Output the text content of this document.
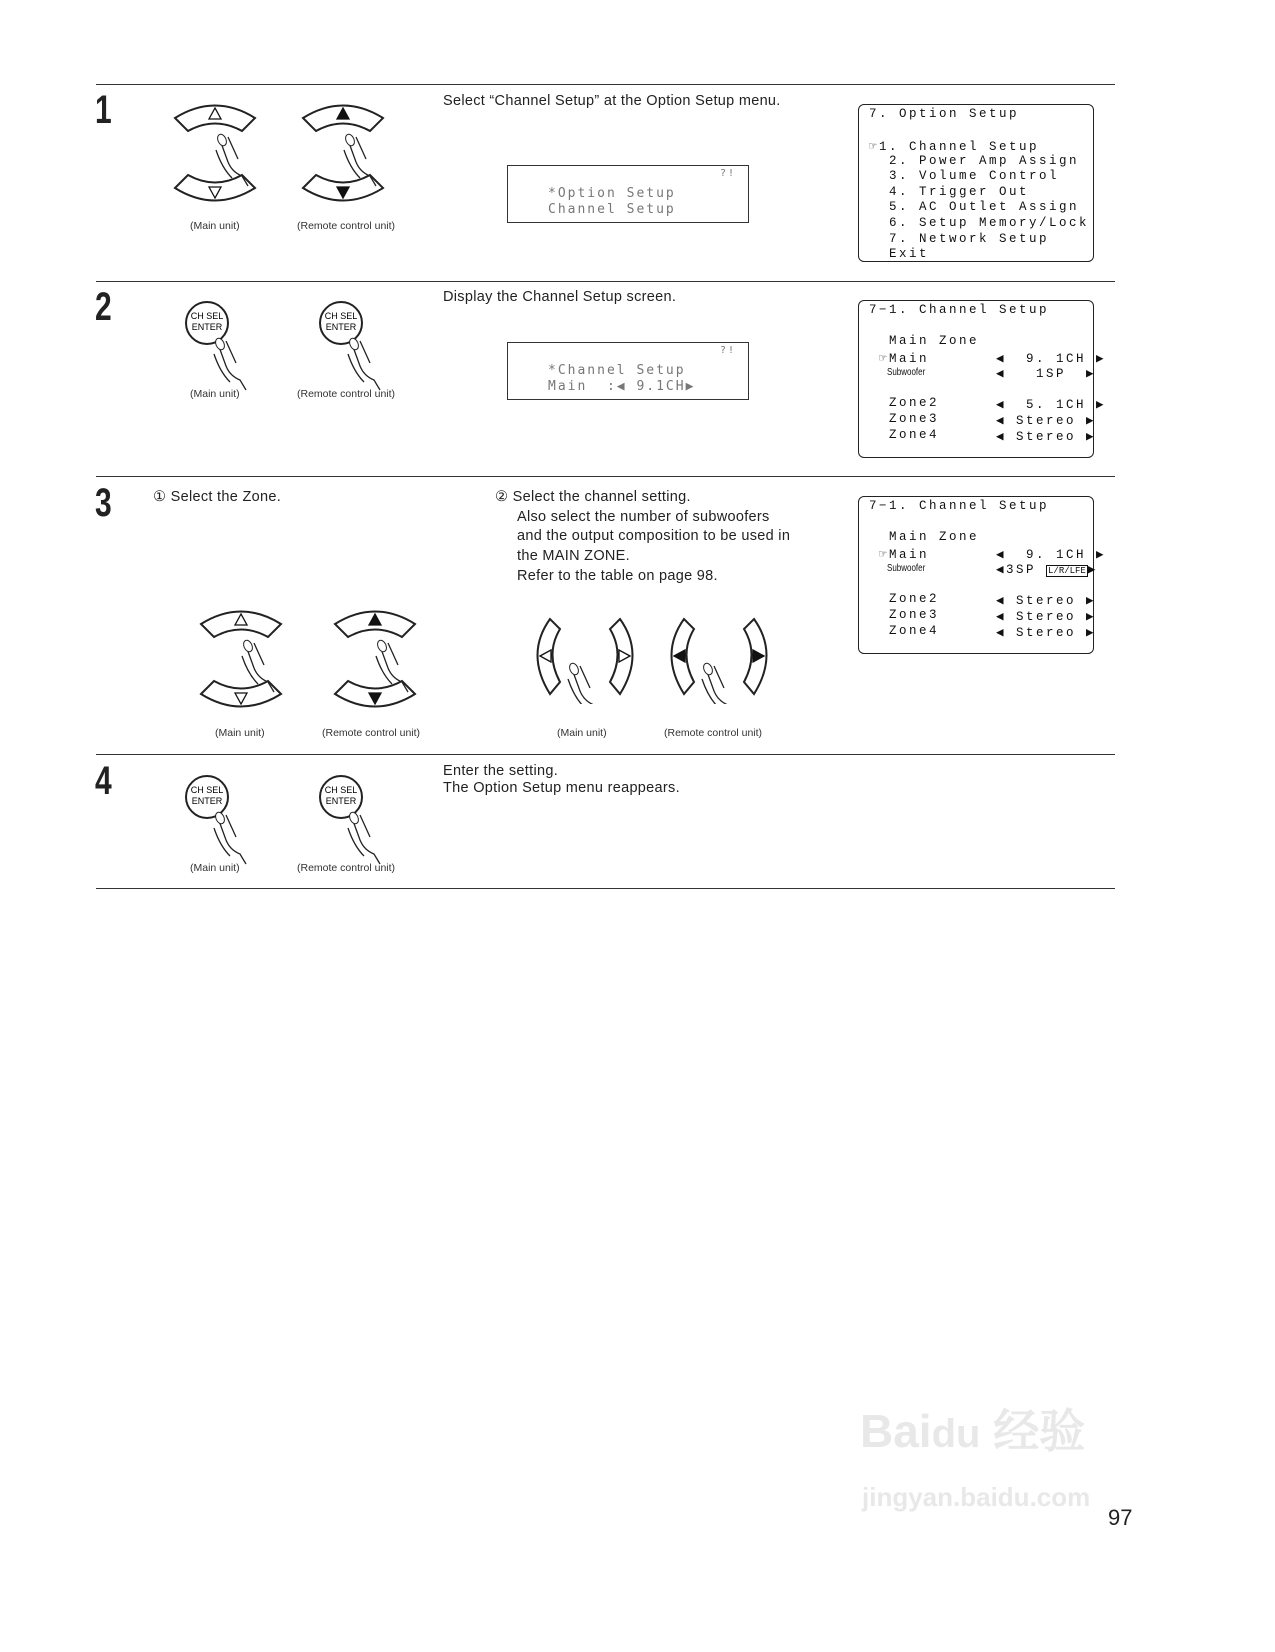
1
(Main unit)	(Remote control unit)
Select “Channel Setup” at the Option Setup menu.
?!
*Option Setup
Channel Setup
7. Option Setup
☞1. Channel Setup
2. Power Amp Assign
3. Volume Control
4. Trigger Out
5. AC Outlet Assign
6. Setup Memory/Lock
7. Network Setup
Exit
2	CH SEL
ENTER
CH SEL
ENTER
(Main unit)	(Remote control unit)
Display the Channel Setup screen.
?!
*Channel Setup
Main  :◀ 9.1CH▶
7−1. Channel Setup
Main Zone
☞Main	◀  9. 1CH ▶
Subwoofer	◀   1SP  ▶
Zone2	◀  5. 1CH ▶
Zone3	◀ Stereo ▶
Zone4	◀ Stereo ▶
3	① Select the Zone.	② Select the channel setting.
Also select the number of subwoofers
and the output composition to be used in
the MAIN ZONE.
Refer to the table on page 98.
(Main unit)	(Remote control unit)	(Main unit)	(Remote control unit)
7−1. Channel Setup
Main Zone
☞Main	◀  9. 1CH ▶
Subwoofer	◀3SP L/R/LFE ▶
Zone2	◀ Stereo ▶
Zone3	◀ Stereo ▶
Zone4	◀ Stereo ▶
4	CH SEL
ENTER
CH SEL
ENTER
(Main unit)	(Remote control unit)
Enter the setting.
The Option Setup menu reappears.
Baidu 经验
jingyan.baidu.com
97
